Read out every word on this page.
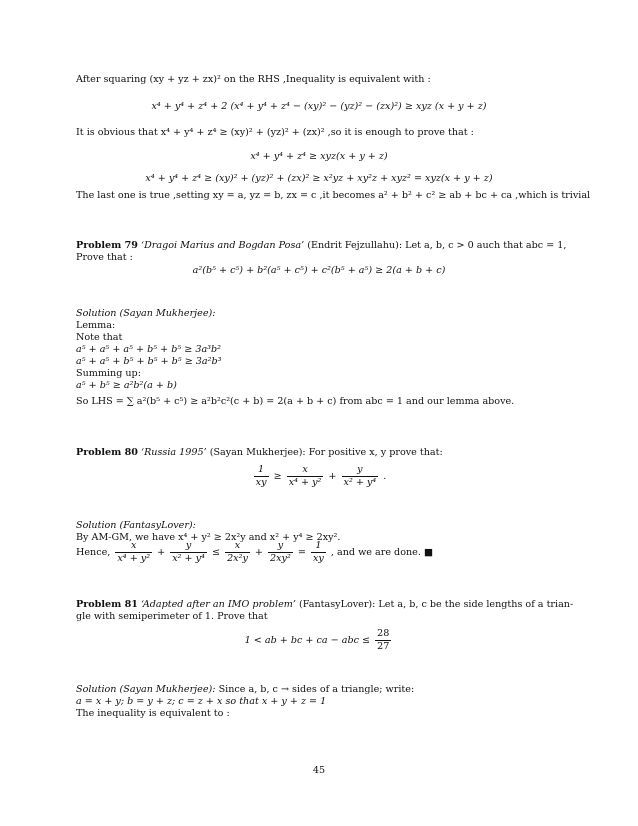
After squaring (xy + yz + zx)² on the RHS ,Inequality is equivalent with :
x⁴ + y⁴ + z⁴ + 2 (x⁴ + y⁴ + z⁴ − (xy)² − (yz)² − (zx)²) ≥ xyz (x + y + z)
It is obvious that x⁴ + y⁴ + z⁴ ≥ (xy)² + (yz)² + (zx)² ,so it is enough to prove that :
x⁴ + y⁴ + z⁴ ≥ xyz(x + y + z)
x⁴ + y⁴ + z⁴ ≥ (xy)² + (yz)² + (zx)² ≥ x²yz + xy²z + xyz² = xyz(x + y + z)
The last one is true ,setting xy = a, yz = b, zx = c ,it becomes a² + b² + c² ≥ ab + bc + ca ,which is trivial
Problem 79 ‘Dragoi Marius and Bogdan Posa’ (Endrit Fejzullahu): Let a, b, c > 0 auch that abc = 1,
Prove that :
a²(b⁵ + c⁵) + b²(a⁵ + c⁵) + c²(b⁵ + a⁵) ≥ 2(a + b + c)
Solution (Sayan Mukherjee):
Lemma:
Note that
a⁵ + a⁵ + a⁵ + b⁵ + b⁵ ≥ 3a³b²
a⁵ + a⁵ + b⁵ + b⁵ + b⁵ ≥ 3a²b³
Summing up:
a⁵ + b⁵ ≥ a²b²(a + b)
So LHS = ∑ a²(b⁵ + c⁵) ≥ a²b²c²(c + b) = 2(a + b + c) from abc = 1 and our lemma above.
Problem 80 ‘Russia 1995’ (Sayan Mukherjee): For positive x, y prove that:
$\frac{1}{xy} \ge \frac{x}{\text{x⁴ + y²}} + \frac{y}{\text{x² + y⁴}}$ .
Solution (FantasyLover):
By AM-GM, we have x⁴ + y² ≥ 2x²y and x² + y⁴ ≥ 2xy².
Hence, $\frac{x}{\text{x⁴ + y²}} + \frac{y}{\text{x² + y⁴}} \le \frac{x}{\text{2x²y}} + \frac{y}{\text{2xy²}} = \frac{1}{xy}$ , and we are done. ■
Problem 81 ‘Adapted after an IMO problem’ (FantasyLover): Let a, b, c be the side lengths of a trian-
gle with semiperimeter of 1. Prove that
1 < ab + bc + ca − abc ≤ $\frac{28}{27}$
Solution (Sayan Mukherjee): Since a, b, c → sides of a triangle; write:
a = x + y; b = y + z; c = z + x so that x + y + z = 1
The inequality is equivalent to :
45
